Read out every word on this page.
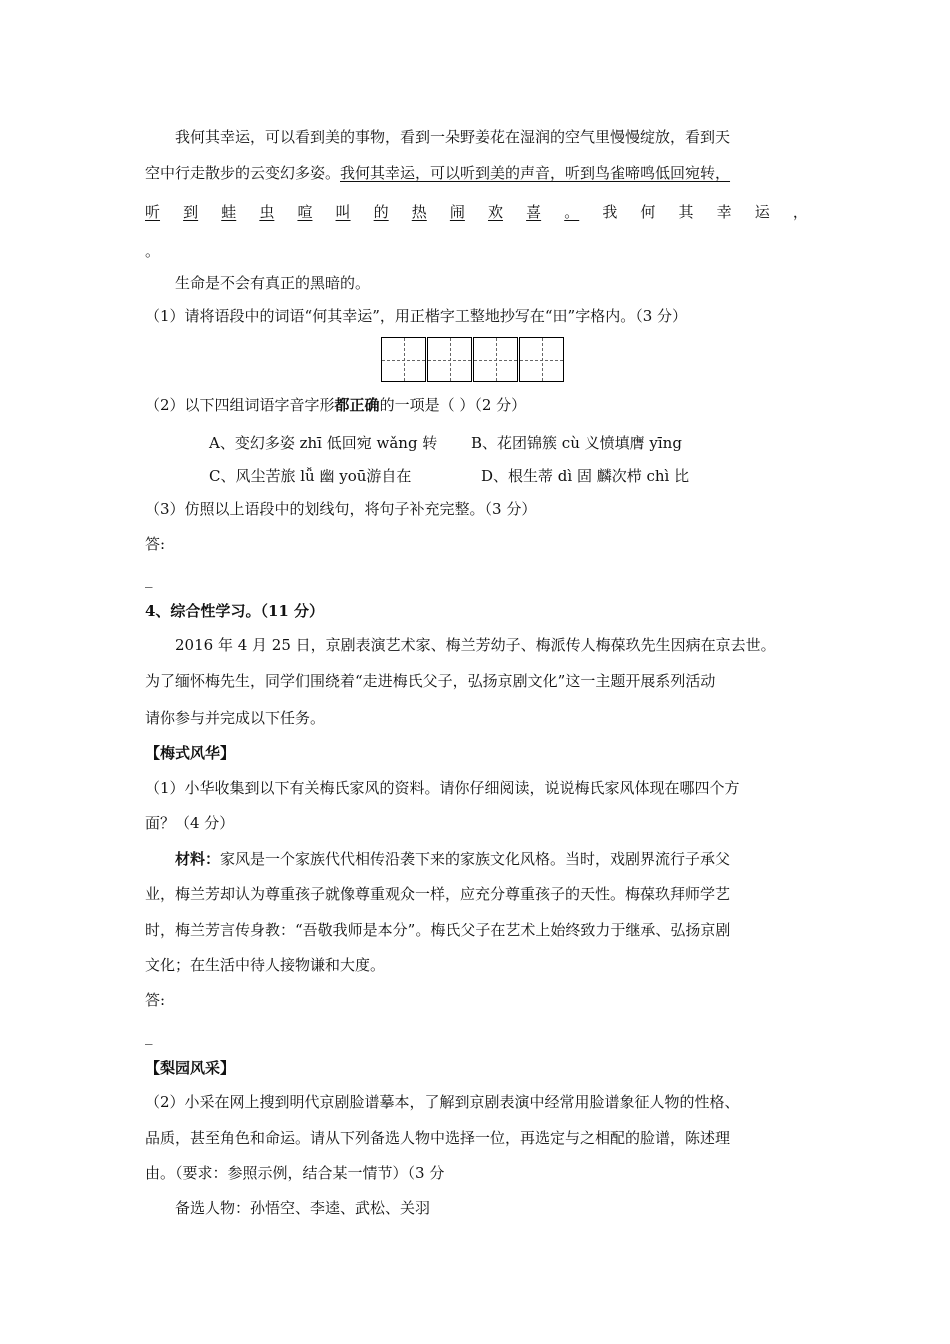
我何其幸运，可以看到美的事物，看到一朵野姜花在湿润的空气里慢慢绽放，看到天
空中行走散步的云变幻多姿。我何其幸运，可以听到美的声音，听到鸟雀啼鸣低回宛转，
听 到 蛙 虫 喧 叫 的 热 闹 欢 喜 。 我 何 其 幸 运 ，
。
生命是不会有真正的黑暗的。
（1）请将语段中的词语“何其幸运”，用正楷字工整地抄写在“田”字格内。（3 分）
（2）以下四组词语字音字形都正确的一项是（ ）（2 分）
A、变幻多姿 zhī 低回宛 wǎng 转 B、花团锦簇 cù 义愤填膺 yīng
C、风尘苦旅 lǚ 幽 yoū游自在	D、根生蒂 dì 固 麟次栉 chì 比
（3）仿照以上语段中的划线句，将句子补充完整。（3 分）
答:
_
4、综合性学习。（11 分）
2016 年 4 月 25 日，京剧表演艺术家、梅兰芳幼子、梅派传人梅葆玖先生因病在京去世。
为了缅怀梅先生，同学们围绕着“走进梅氏父子，弘扬京剧文化”这一主题开展系列活动
请你参与并完成以下任务。
【梅式风华】
（1）小华收集到以下有关梅氏家风的资料。请你仔细阅读，说说梅氏家风体现在哪四个方
面？（4 分）
材料：家风是一个家族代代相传沿袭下来的家族文化风格。当时，戏剧界流行子承父
业，梅兰芳却认为尊重孩子就像尊重观众一样，应充分尊重孩子的天性。梅葆玖拜师学艺
时，梅兰芳言传身教：“吾敬我师是本分”。梅氏父子在艺术上始终致力于继承、弘扬京剧
文化；在生活中待人接物谦和大度。
答:
_
【梨园风采】
（2）小采在网上搜到明代京剧脸谱摹本，了解到京剧表演中经常用脸谱象征人物的性格、
品质，甚至角色和命运。请从下列备选人物中选择一位，再选定与之相配的脸谱，陈述理
由。（要求：参照示例，结合某一情节）（3 分
备选人物：孙悟空、李逵、武松、关羽
